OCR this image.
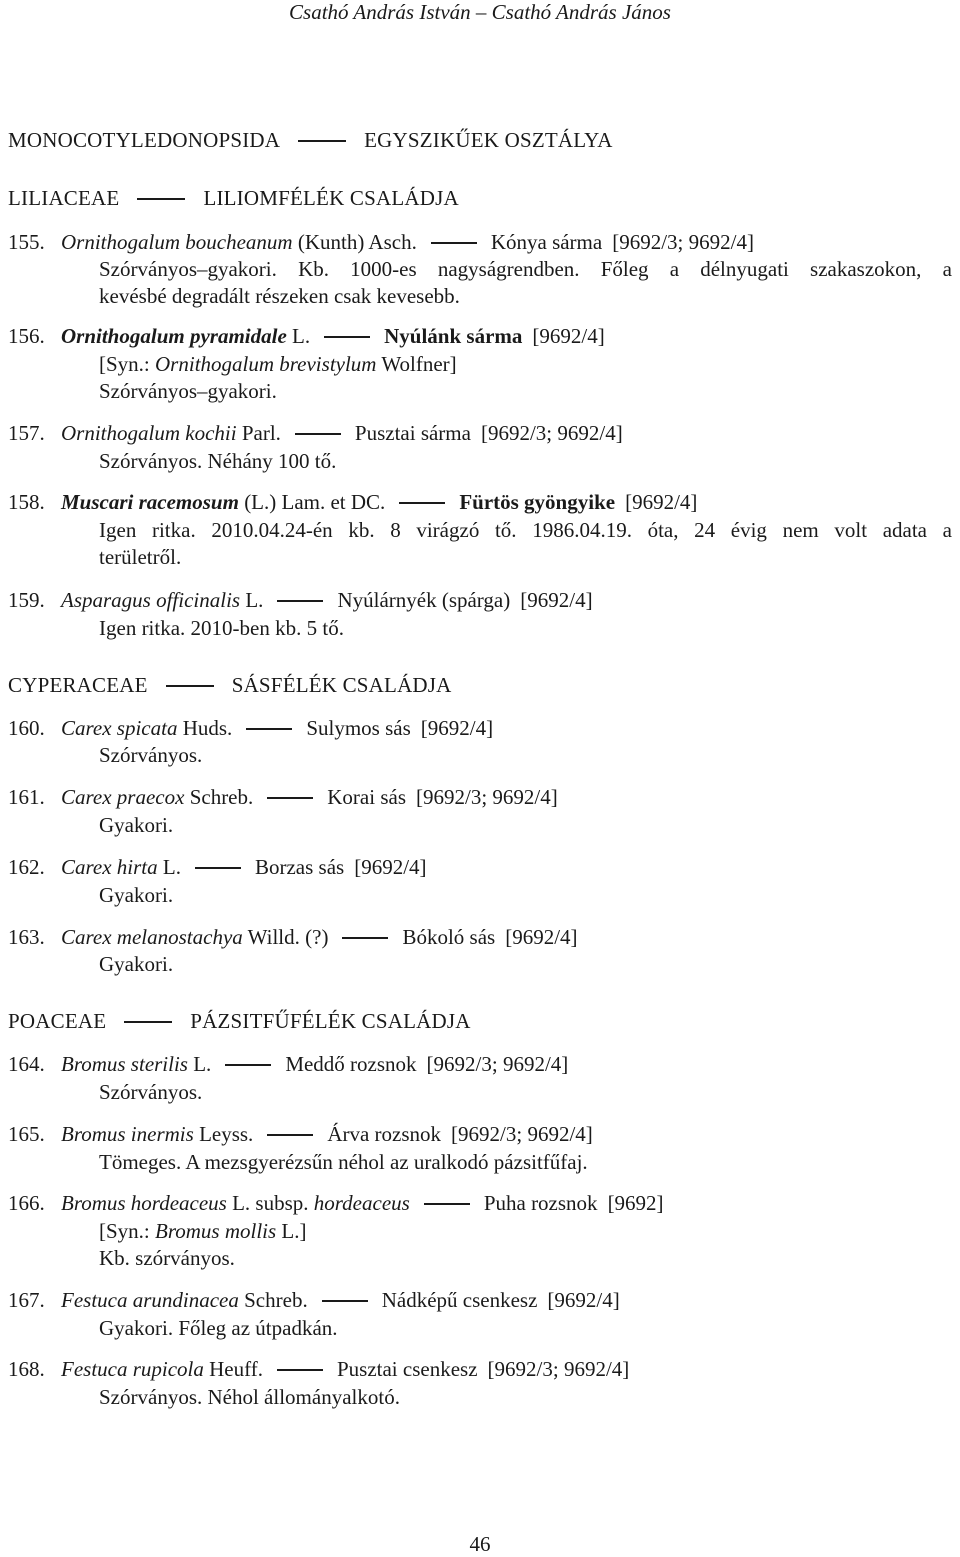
Csathó András István – Csathó András János
MONOCOTYLEDONOPSIDA	EGYSZIKŰEK OSZTÁLYA
LILIACEAE	LILIOMFÉLÉK CSALÁDJA
155. Ornithogalum boucheanum (Kunth) Asch.	Kónya sárma [9692/3; 9692/4]
Szórványos–gyakori. Kb. 1000-es nagyságrendben. Főleg a délnyugati szakaszokon, a
kevésbé degradált részeken csak kevesebb.
156. Ornithogalum pyramidale L.	Nyúlánk sárma [9692/4]
[Syn.: Ornithogalum brevistylum Wolfner]
Szórványos–gyakori.
157. Ornithogalum kochii Parl.	Pusztai sárma [9692/3; 9692/4]
Szórványos. Néhány 100 tő.
158. Muscari racemosum (L.) Lam. et DC.	Fürtös gyöngyike [9692/4]
Igen ritka. 2010.04.24-én kb. 8 virágzó tő. 1986.04.19. óta, 24 évig nem volt adata a
területről.
159. Asparagus officinalis L.	Nyúlárnyék (spárga) [9692/4]
Igen ritka. 2010-ben kb. 5 tő.
CYPERACEAE	SÁSFÉLÉK CSALÁDJA
160. Carex spicata Huds.	Sulymos sás [9692/4]
Szórványos.
161. Carex praecox Schreb.	Korai sás [9692/3; 9692/4]
Gyakori.
162. Carex hirta L.	Borzas sás [9692/4]
Gyakori.
163. Carex melanostachya Willd. (?)	Bókoló sás [9692/4]
Gyakori.
POACEAE	PÁZSITFŰFÉLÉK CSALÁDJA
164. Bromus sterilis L.	Meddő rozsnok [9692/3; 9692/4]
Szórványos.
165. Bromus inermis Leyss.	Árva rozsnok [9692/3; 9692/4]
Tömeges. A mezsgyerézsűn néhol az uralkodó pázsitfűfaj.
166. Bromus hordeaceus L. subsp. hordeaceus	Puha rozsnok [9692]
[Syn.: Bromus mollis L.]
Kb. szórványos.
167. Festuca arundinacea Schreb.	Nádképű csenkesz [9692/4]
Gyakori. Főleg az útpadkán.
168. Festuca rupicola Heuff.	Pusztai csenkesz [9692/3; 9692/4]
Szórványos. Néhol állományalkotó.
46
